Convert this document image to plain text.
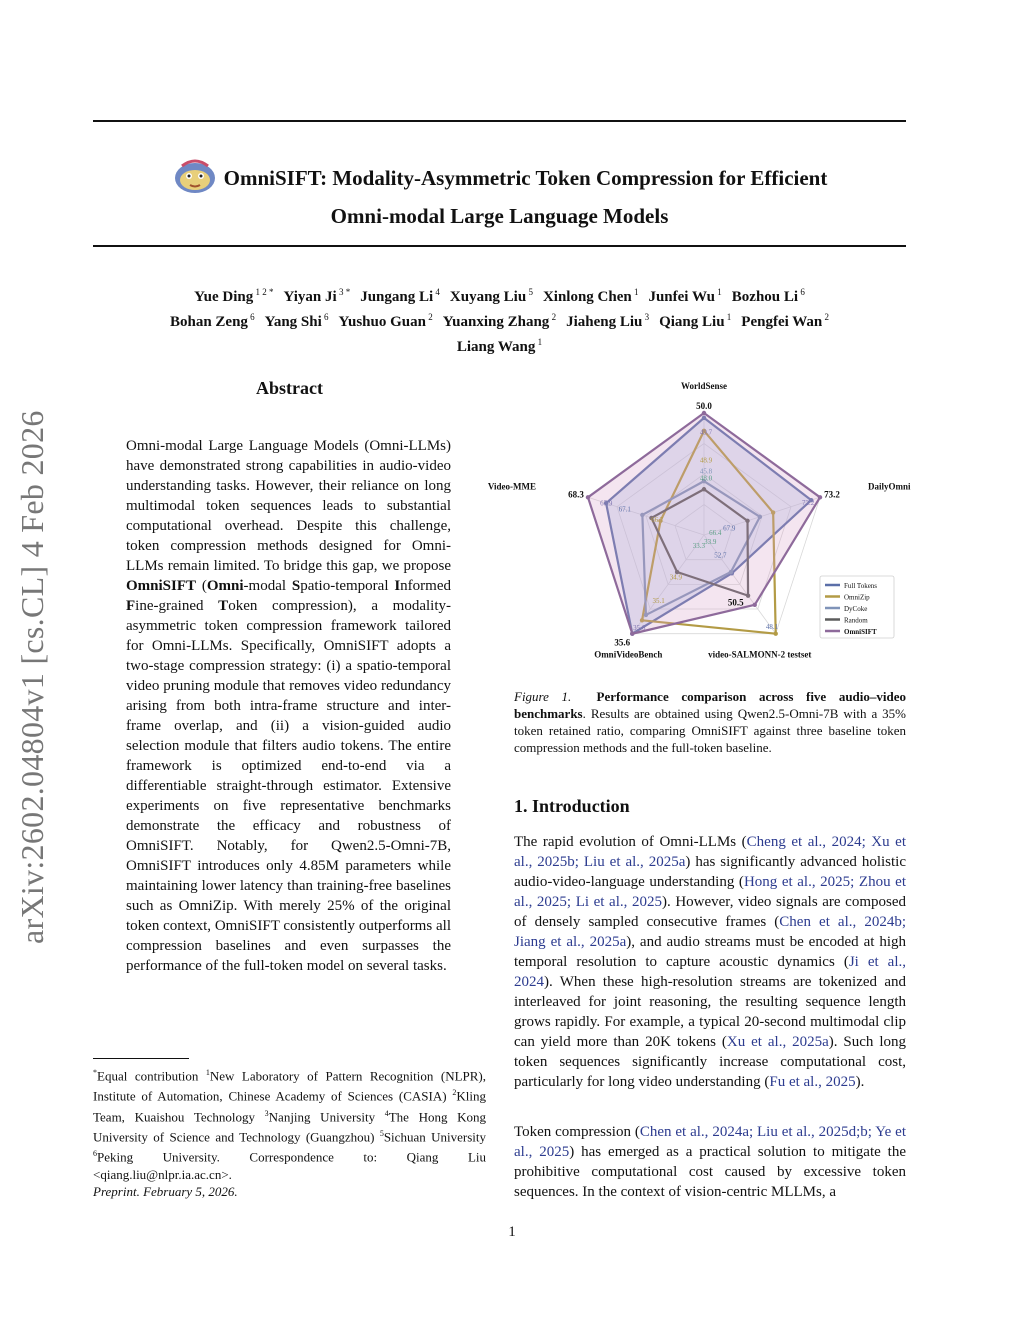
arXiv:2602.04804v1 [cs.CL] 4 Feb 2026
OmniSIFT: Modality-Asymmetric Token Compression for Efficient
Omni-modal Large Language Models
Yue Ding $^{1 2 *}$ Yiyan Ji $^{3 *}$ Jungang Li $^4$ Xuyang Liu $^5$ Xinlong Chen $^1$ Junfei Wu $^1$ Bozhou Li $^6$
Bohan Zeng $^6$ Yang Shi $^6$ Yushuo Guan $^2$ Yuanxing Zhang $^2$ Jiaheng Liu $^3$ Qiang Liu $^1$ Pengfei Wan $^2$
Liang Wang $^1$
Abstract
Omni-modal Large Language Models (Omni-LLMs) have demonstrated strong capabilities in audio-video understanding tasks. However, their reliance on long multimodal token sequences leads to substantial computational overhead. Despite this challenge, token compression methods designed for Omni-LLMs remain limited. To bridge this gap, we propose OmniSIFT (Omni-modal Spatio-temporal Informed Fine-grained Token compression), a modality-asymmetric token compression framework tailored for Omni-LLMs. Specifically, OmniSIFT adopts a two-stage compression strategy: (i) a spatio-temporal video pruning module that removes video redundancy arising from both intra-frame structure and inter-frame overlap, and (ii) a vision-guided audio selection module that filters audio tokens. The entire framework is optimized end-to-end via a differentiable straight-through estimator. Extensive experiments on five representative benchmarks demonstrate the efficacy and robustness of OmniSIFT. Notably, for Qwen2.5-Omni-7B, OmniSIFT introduces only 4.85M parameters while maintaining lower latency than training-free baselines such as OmniZip. With merely 25% of the original token context, OmniSIFT consistently outperforms all compression baselines and even surpasses the performance of the full-token model on several tasks.
*Equal contribution $^1$New Laboratory of Pattern Recognition (NLPR), Institute of Automation, Chinese Academy of Sciences (CASIA) $^2$Kling Team, Kuaishou Technology $^3$Nanjing University $^4$The Hong Kong University of Science and Technology (Guangzhou) $^5$Sichuan University $^6$Peking University. Correspondence to: Qiang Liu <qiang.liu@nlpr.ia.ac.cn>.
Preprint. February 5, 2026.
WorldSense
50.0
DailyOmni
73.2
video-SALMONN-2 testset
50.5
OmniVideoBench
35.6
Video-MME
68.3
49.7
48.9
45.8
48.0
72.2
67.9
66.4
52.7
48.1
33.9
34.9
35.1
35.6
33.3
67.9
67.1
66.7
Full Tokens
OmniZip
DyCoke
Random
OmniSIFT
Figure 1. Performance comparison across five audio–video benchmarks. Results are obtained using Qwen2.5-Omni-7B with a 35% token retained ratio, comparing OmniSIFT against three baseline token compression methods and the full-token baseline.
1. Introduction
The rapid evolution of Omni-LLMs (Cheng et al., 2024; Xu et al., 2025b; Liu et al., 2025a) has significantly advanced holistic audio-video-language understanding (Hong et al., 2025; Zhou et al., 2025; Li et al., 2025). However, video signals are composed of densely sampled consecutive frames (Chen et al., 2024b; Jiang et al., 2025a), and audio streams must be encoded at high temporal resolution to capture acoustic dynamics (Ji et al., 2024). When these high-resolution streams are tokenized and interleaved for joint reasoning, the resulting sequence length grows rapidly. For example, a typical 20-second multimodal clip can yield more than 20K tokens (Xu et al., 2025a). Such long token sequences significantly increase computational cost, particularly for long video understanding (Fu et al., 2025).
Token compression (Chen et al., 2024a; Liu et al., 2025d;b; Ye et al., 2025) has emerged as a practical solution to mitigate the prohibitive computational cost caused by excessive token sequences. In the context of vision-centric MLLMs, a
1
